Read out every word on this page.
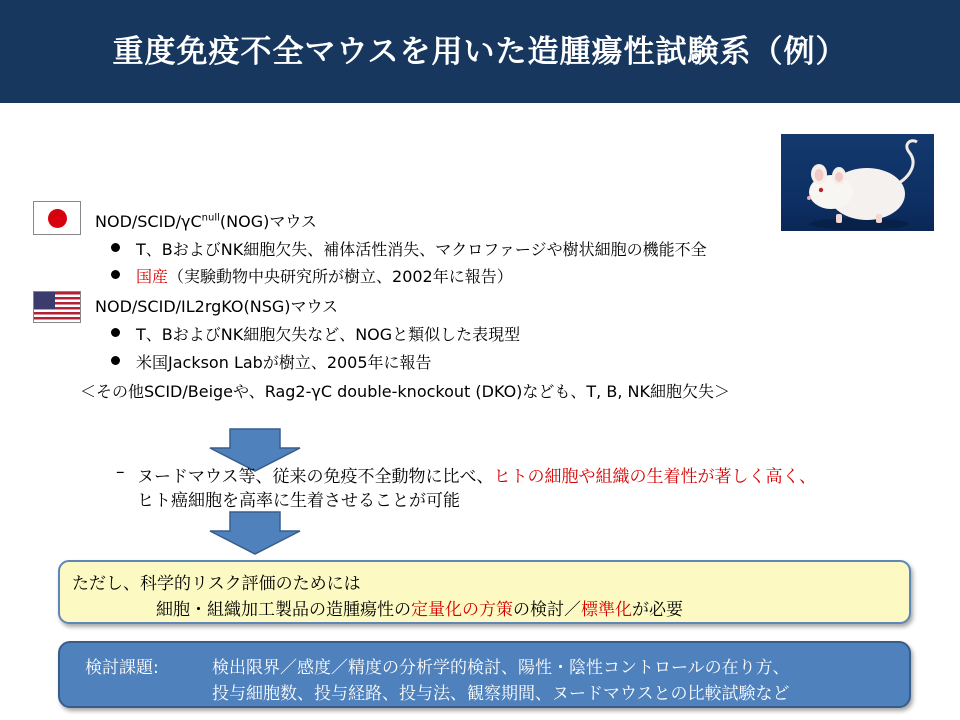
重度免疫不全マウスを用いた造腫瘍性試験系（例）
NOD/$SCID/\gamma C^{null}(NOG)$マウス
T、BおよびNK細胞欠失、補体活性消失、マクロファージや樹状細胞の機能不全
国産（実験動物中央研究所が樹立、2002年に報告）
NOD/SCID/IL2rgKO(NSG)マウス
T、BおよびNK細胞欠失など、NOGと類似した表現型
米国Jackson Labが樹立、2005年に報告
＜その他SCID/Beigeや、Rag2-γC double-knockout (DKO)なども、T, B, NK細胞欠失＞
– ヌードマウス等、従来の免疫不全動物に比べ、ヒトの細胞や組織の生着性が著しく高く、
ヒト癌細胞を高率に生着させることが可能
ただし、科学的リスク評価のためには
細胞・組織加工製品の造腫瘍性の定量化の方策の検討／標準化が必要
検討課題:	検出限界／感度／精度の分析学的検討、陽性・陰性コントロールの在り方、
投与細胞数、投与経路、投与法、観察期間、ヌードマウスとの比較試験など
